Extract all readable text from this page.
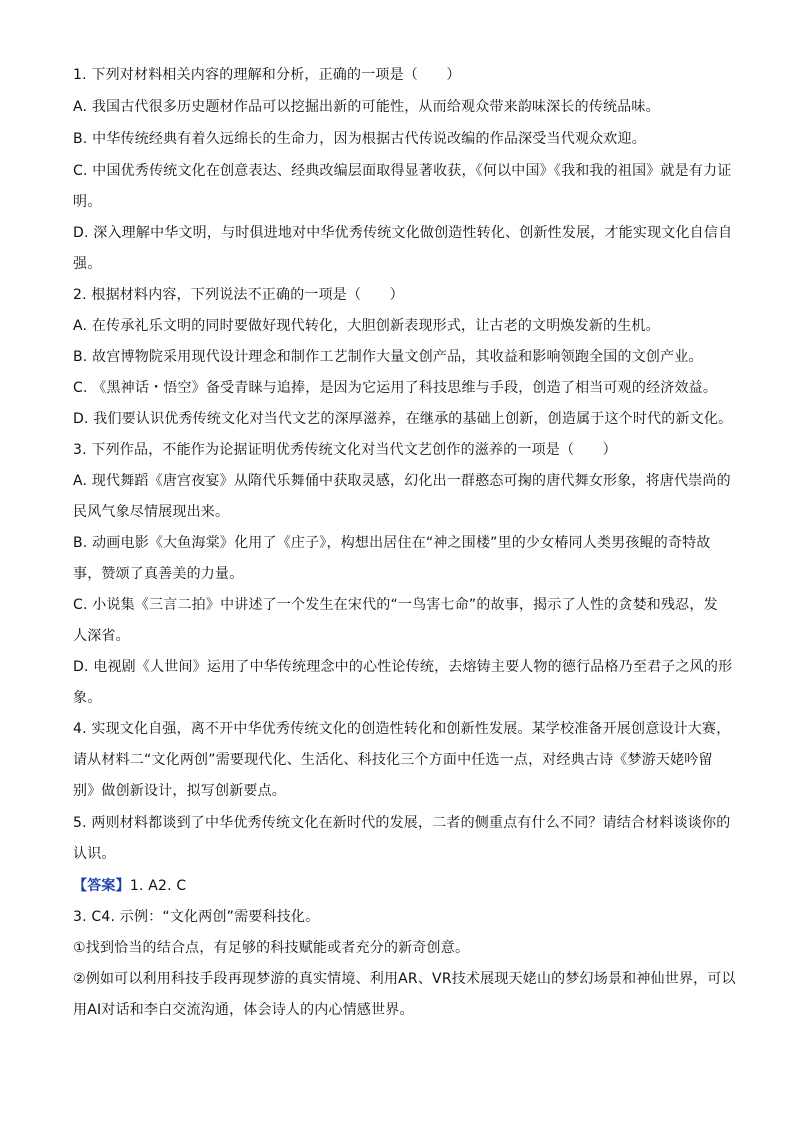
1. 下列对材料相关内容的理解和分析，正确的一项是（　　）
A. 我国古代很多历史题材作品可以挖掘出新的可能性，从而给观众带来韵味深长的传统品味。
B. 中华传统经典有着久远绵长的生命力，因为根据古代传说改编的作品深受当代观众欢迎。
C. 中国优秀传统文化在创意表达、经典改编层面取得显著收获，《何以中国》《我和我的祖国》就是有力证
明。
D. 深入理解中华文明，与时俱进地对中华优秀传统文化做创造性转化、创新性发展，才能实现文化自信自
强。
2. 根据材料内容，下列说法不正确的一项是（　　）
A. 在传承礼乐文明的同时要做好现代转化，大胆创新表现形式，让古老的文明焕发新的生机。
B. 故宫博物院采用现代设计理念和制作工艺制作大量文创产品，其收益和影响领跑全国的文创产业。
C. 《黑神话・悟空》备受青睐与追捧，是因为它运用了科技思维与手段，创造了相当可观的经济效益。
D. 我们要认识优秀传统文化对当代文艺的深厚滋养，在继承的基础上创新，创造属于这个时代的新文化。
3. 下列作品，不能作为论据证明优秀传统文化对当代文艺创作的滋养的一项是（　　）
A. 现代舞蹈《唐宫夜宴》从隋代乐舞俑中获取灵感，幻化出一群憨态可掬的唐代舞女形象，将唐代崇尚的
民风气象尽情展现出来。
B. 动画电影《大鱼海棠》化用了《庄子》，构想出居住在“神之围楼”里的少女椿同人类男孩鲲的奇特故
事，赞颂了真善美的力量。
C. 小说集《三言二拍》中讲述了一个发生在宋代的“一鸟害七命”的故事，揭示了人性的贪婪和残忍，发
人深省。
D. 电视剧《人世间》运用了中华传统理念中的心性论传统，去熔铸主要人物的德行品格乃至君子之风的形
象。
4. 实现文化自强，离不开中华优秀传统文化的创造性转化和创新性发展。某学校准备开展创意设计大赛，
请从材料二“文化两创”需要现代化、生活化、科技化三个方面中任选一点，对经典古诗《梦游天姥吟留
别》做创新设计，拟写创新要点。
5. 两则材料都谈到了中华优秀传统文化在新时代的发展，二者的侧重点有什么不同？请结合材料谈谈你的
认识。
【答案】1. A2. C
3. C4. 示例：“文化两创”需要科技化。
①找到恰当的结合点，有足够的科技赋能或者充分的新奇创意。
②例如可以利用科技手段再现梦游的真实情境、利用AR、VR技术展现天姥山的梦幻场景和神仙世界，可以
用AI对话和李白交流沟通，体会诗人的内心情感世界。
